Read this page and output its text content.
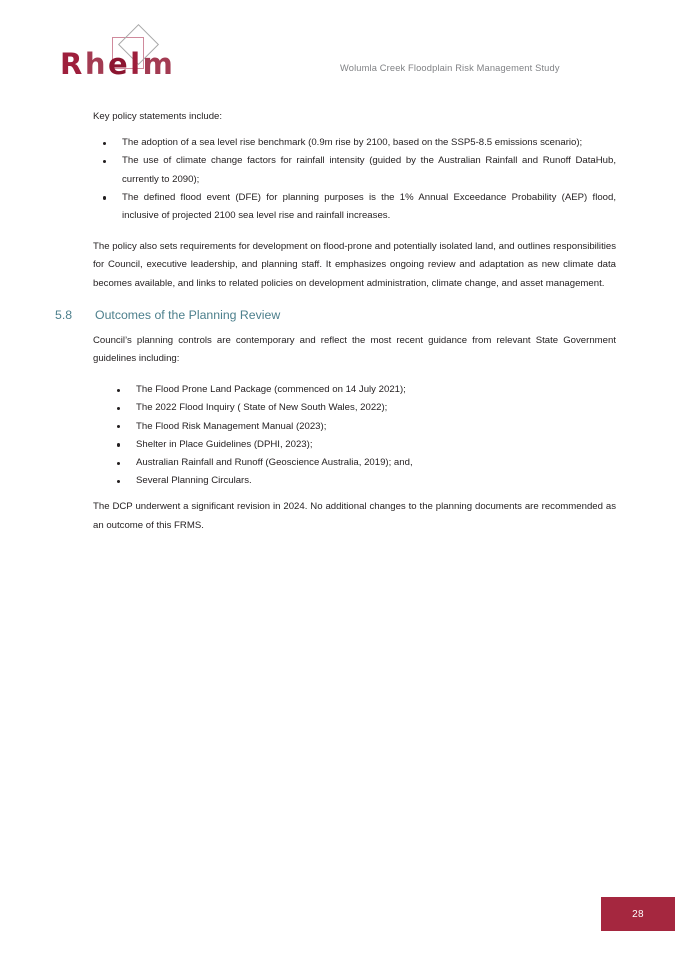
Rhelm	Wolumla Creek Floodplain Risk Management Study

Key policy statements include:

The adoption of a sea level rise benchmark (0.9m rise by 2100, based on the SSP5-8.5 emissions scenario);
The use of climate change factors for rainfall intensity (guided by the Australian Rainfall and Runoff DataHub, currently to 2090);
The defined flood event (DFE) for planning purposes is the 1% Annual Exceedance Probability (AEP) flood, inclusive of projected 2100 sea level rise and rainfall increases.

The policy also sets requirements for development on flood-prone and potentially isolated land, and outlines responsibilities for Council, executive leadership, and planning staff. It emphasizes ongoing review and adaptation as new climate data becomes available, and links to related policies on development administration, climate change, and asset management.

5.8	Outcomes of the Planning Review

Council’s planning controls are contemporary and reflect the most recent guidance from relevant State Government guidelines including:

The Flood Prone Land Package (commenced on 14 July 2021);
The 2022 Flood Inquiry ( State of New South Wales, 2022);
The Flood Risk Management Manual (2023);
Shelter in Place Guidelines (DPHI, 2023);
Australian Rainfall and Runoff (Geoscience Australia, 2019); and,
Several Planning Circulars.

The DCP underwent a significant revision in 2024. No additional changes to the planning documents are recommended as an outcome of this FRMS.

28
